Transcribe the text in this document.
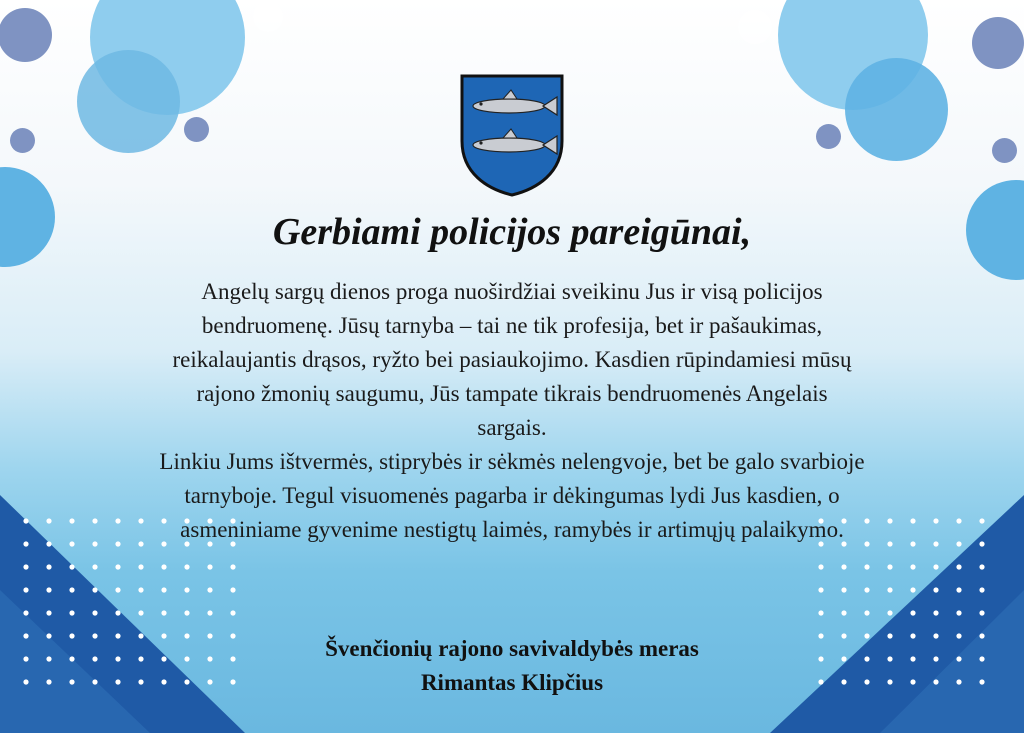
Gerbiami policijos pareigūnai,

Angelų sargų dienos proga nuoširdžiai sveikinu Jus ir visą policijos

bendruomenę. Jūsų tarnyba – tai ne tik profesija, bet ir pašaukimas,

reikalaujantis drąsos, ryžto bei pasiaukojimo. Kasdien rūpindamiesi mūsų

rajono žmonių saugumu, Jūs tampate tikrais bendruomenės Angelais

sargais.

Linkiu Jums ištvermės, stiprybės ir sėkmės nelengvoje, bet be galo svarbioje

tarnyboje. Tegul visuomenės pagarba ir dėkingumas lydi Jus kasdien, o

asmeniniame gyvenime nestigtų laimės, ramybės ir artimųjų palaikymo.

Švenčionių rajono savivaldybės meras
Rimantas Klipčius
